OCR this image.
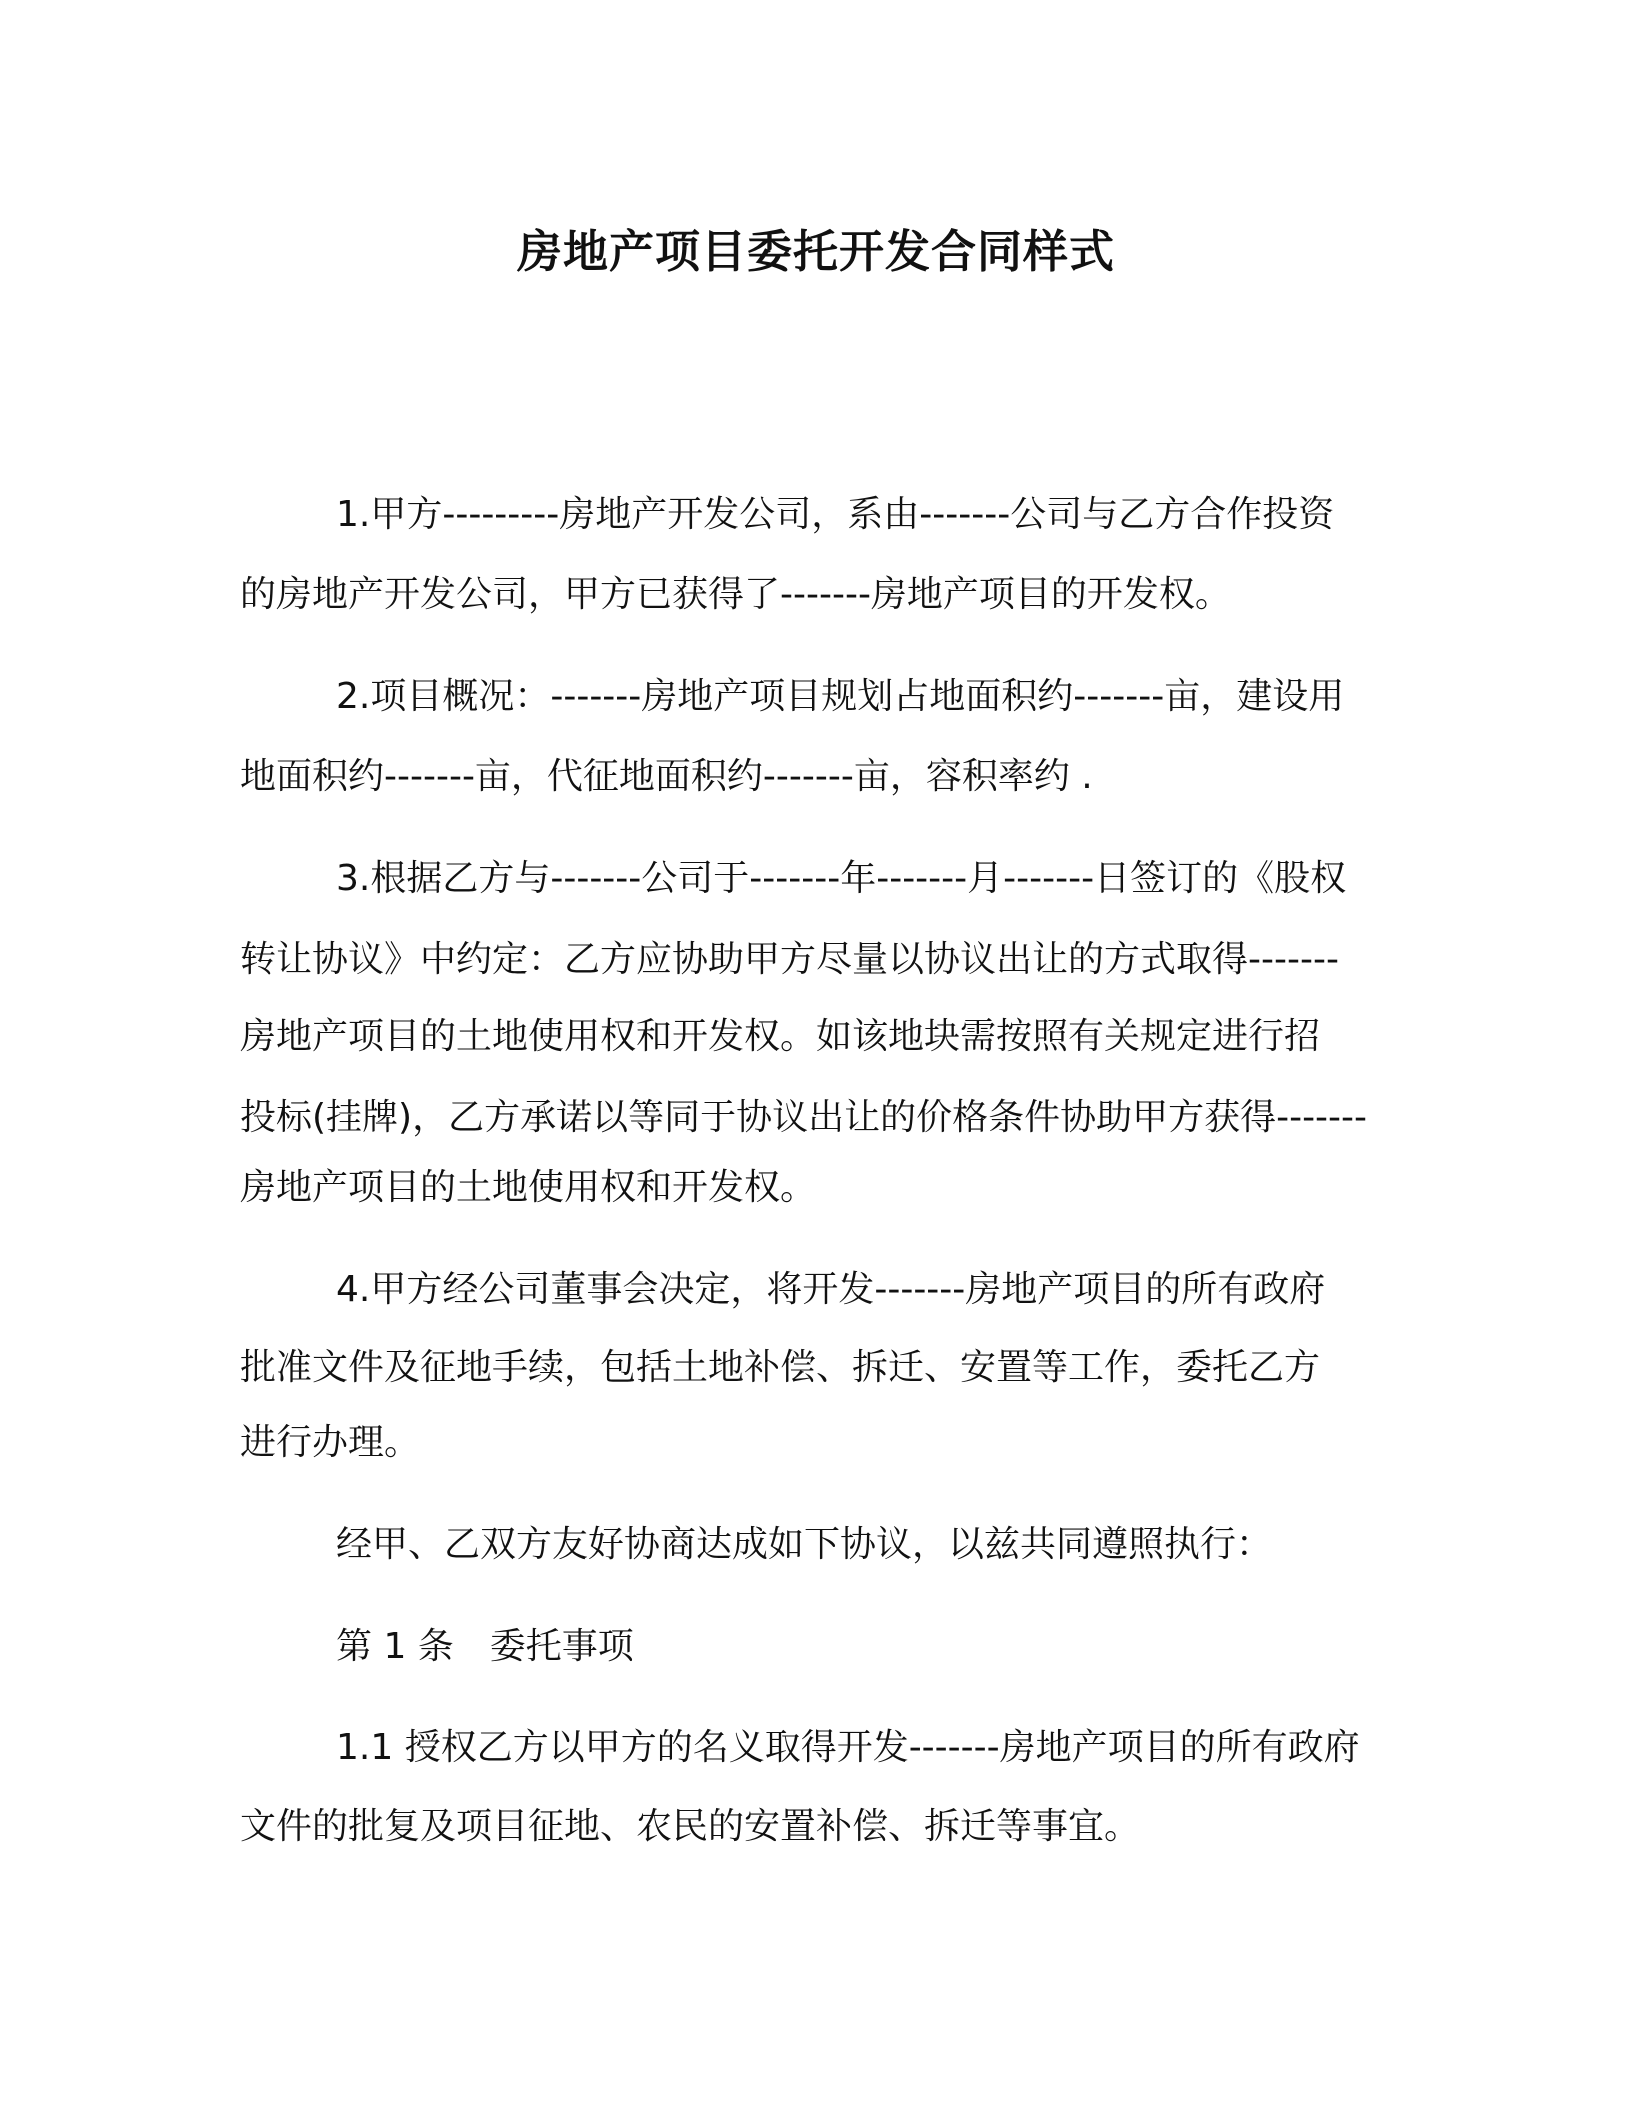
房地产项目委托开发合同样式
1.甲方---------房地产开发公司，系由-------公司与乙方合作投资
的房地产开发公司，甲方已获得了-------房地产项目的开发权。
2.项目概况：-------房地产项目规划占地面积约-------亩，建设用
地面积约-------亩，代征地面积约-------亩，容积率约 .
3.根据乙方与-------公司于-------年-------月-------日签订的《股权
转让协议》中约定：乙方应协助甲方尽量以协议出让的方式取得-------
房地产项目的土地使用权和开发权。如该地块需按照有关规定进行招
投标(挂牌)，乙方承诺以等同于协议出让的价格条件协助甲方获得-------
房地产项目的土地使用权和开发权。
4.甲方经公司董事会决定，将开发-------房地产项目的所有政府
批准文件及征地手续，包括土地补偿、拆迁、安置等工作，委托乙方
进行办理。
经甲、乙双方友好协商达成如下协议，以兹共同遵照执行：
第 1 条　委托事项
1.1 授权乙方以甲方的名义取得开发-------房地产项目的所有政府
文件的批复及项目征地、农民的安置补偿、拆迁等事宜。
